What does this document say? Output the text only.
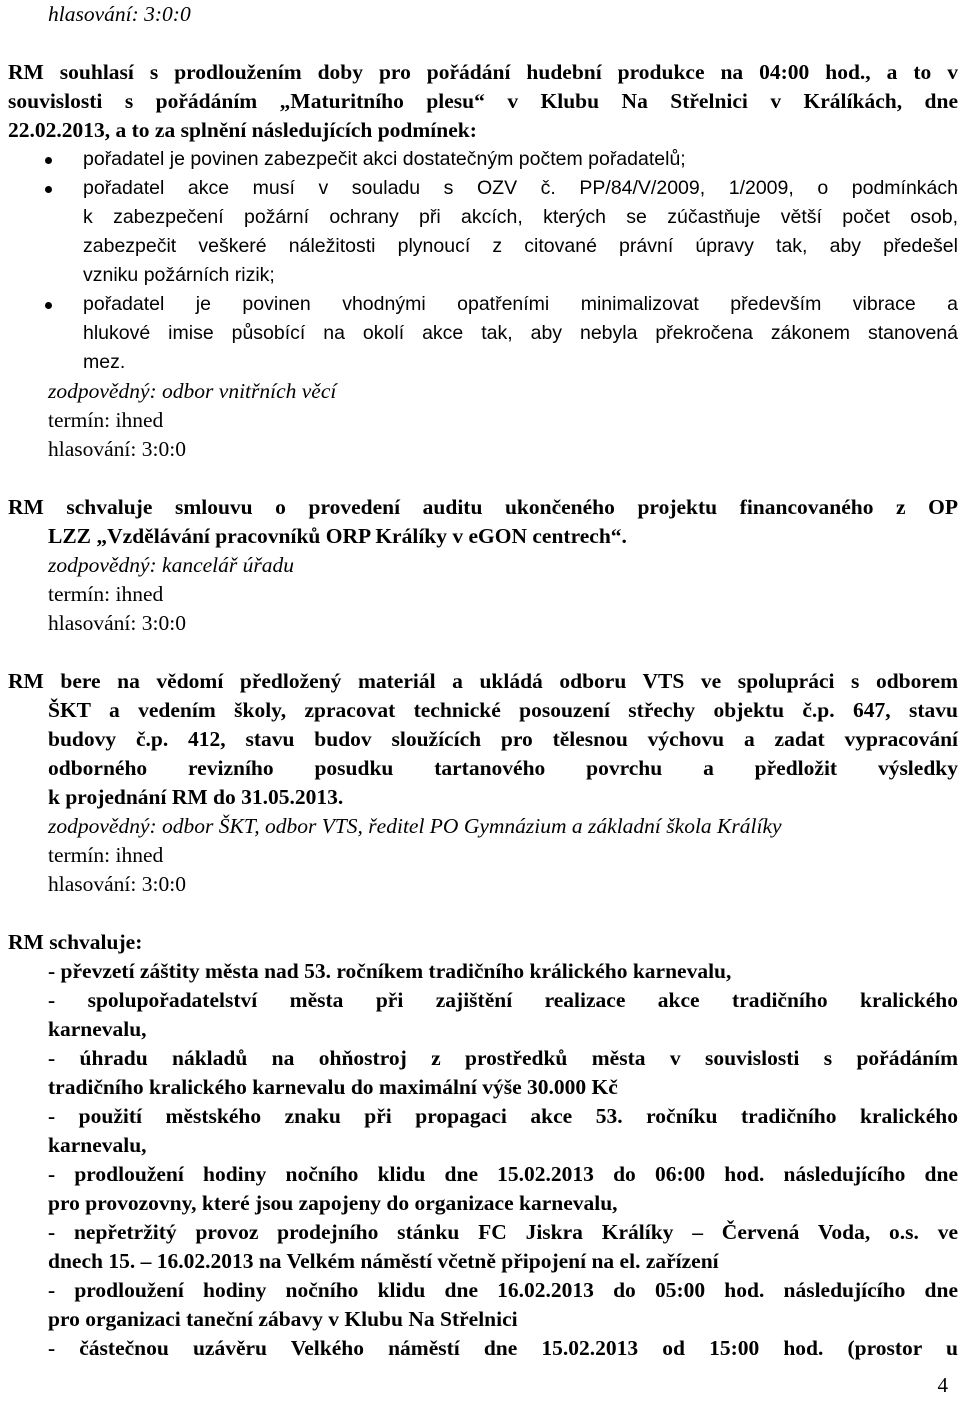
hlasování: 3:0:0
RM souhlasí s prodloužením doby pro pořádání hudební produkce na 04:00 hod., a to v
souvislosti s pořádáním „Maturitního plesu“ v Klubu Na Střelnici v Králíkách, dne
22.02.2013, a to za splnění následujících podmínek:
pořadatel je povinen zabezpečit akci dostatečným počtem pořadatelů;
pořadatel akce musí v souladu s OZV č. PP/84/V/2009, 1/2009, o podmínkách
k zabezpečení požární ochrany při akcích, kterých se zúčastňuje větší počet osob,
zabezpečit veškeré náležitosti plynoucí z citované právní úpravy tak, aby předešel
vzniku požárních rizik;
pořadatel je povinen vhodnými opatřeními minimalizovat především vibrace a
hlukové imise působící na okolí akce tak, aby nebyla překročena zákonem stanovená
mez.
zodpovědný: odbor vnitřních věcí
termín: ihned
hlasování: 3:0:0
RM schvaluje smlouvu o provedení auditu ukončeného projektu financovaného z OP
LZZ „Vzdělávání pracovníků ORP Králíky v eGON centrech“.
zodpovědný: kancelář úřadu
termín: ihned
hlasování: 3:0:0
RM bere na vědomí předložený materiál a ukládá odboru VTS ve spolupráci s odborem
ŠKT a vedením školy, zpracovat technické posouzení střechy objektu č.p. 647, stavu
budovy č.p. 412, stavu budov sloužících pro tělesnou výchovu a zadat vypracování
odborného revizního posudku tartanového povrchu a předložit výsledky
k projednání RM do 31.05.2013.
zodpovědný: odbor ŠKT, odbor VTS, ředitel PO Gymnázium a základní škola Králíky
termín: ihned
hlasování: 3:0:0
RM schvaluje:
- převzetí záštity města nad 53. ročníkem tradičního králického karnevalu,
- spolupořadatelství města při zajištění realizace akce tradičního kralického
karnevalu,
- úhradu nákladů na ohňostroj z prostředků města v souvislosti s pořádáním
tradičního kralického karnevalu do maximální výše 30.000 Kč
- použití městského znaku při propagaci akce 53. ročníku tradičního kralického
karnevalu,
- prodloužení hodiny nočního klidu dne 15.02.2013 do 06:00 hod. následujícího dne
pro provozovny, které jsou zapojeny do organizace karnevalu,
- nepřetržitý provoz prodejního stánku FC Jiskra Králíky – Červená Voda, o.s. ve
dnech 15. – 16.02.2013 na Velkém náměstí včetně připojení na el. zařízení
- prodloužení hodiny nočního klidu dne 16.02.2013 do 05:00 hod. následujícího dne
pro organizaci taneční zábavy v Klubu Na Střelnici
- částečnou uzávěru Velkého náměstí dne 15.02.2013 od 15:00 hod. (prostor u
4
